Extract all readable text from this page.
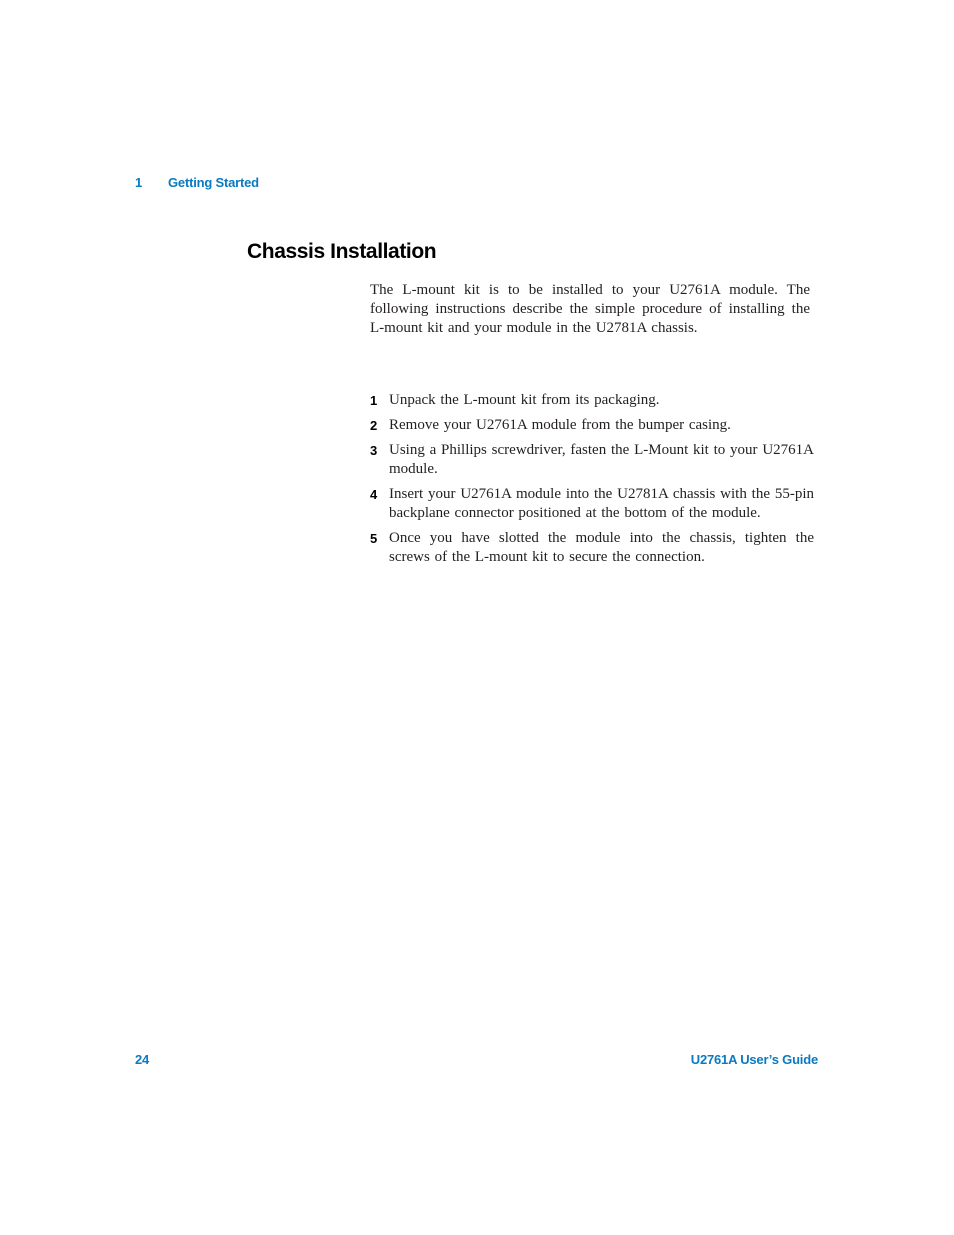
1 Getting Started
Chassis Installation

The L-mount kit is to be installed to your U2761A module. The following instructions describe the simple procedure of installing the L-mount kit and your module in the U2781A chassis.

1 Unpack the L-mount kit from its packaging.
2 Remove your U2761A module from the bumper casing.
3 Using a Phillips screwdriver, fasten the L-Mount kit to your U2761A module.
4 Insert your U2761A module into the U2781A chassis with the 55-pin backplane connector positioned at the bottom of the module.
5 Once you have slotted the module into the chassis, tighten the screws of the L-mount kit to secure the connection.
24	U2761A User’s Guide
